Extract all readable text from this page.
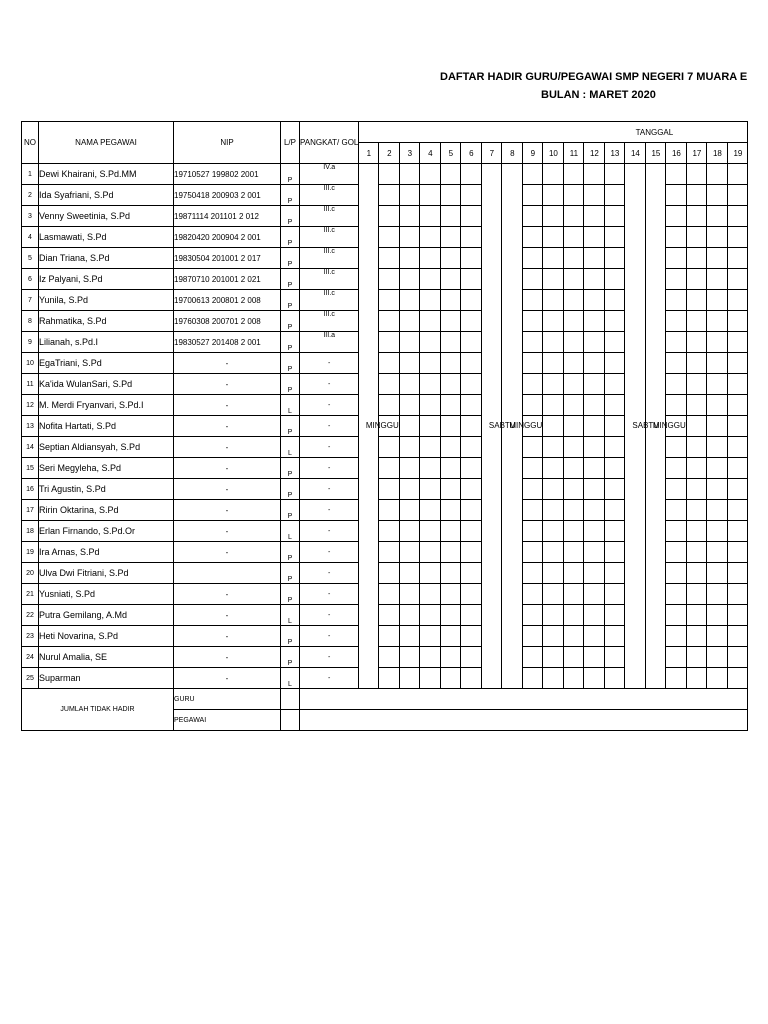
DAFTAR HADIR GURU/PEGAWAI SMP NEGERI 7 MUARA E
BULAN : MARET 2020
NO	NAMA PEGAWAI	NIP	L/P	PANGKAT/ GOL	TANGGAL																		
					1	2	3	4	5	6	7	8	9	10	11	12	13	14	15	16	17	18	19
1	Dewi Khairani, S.Pd.MM	19710527 199802 2001	P	IV.a	MINGGU						SABTU	MINGGU						SABTU	MINGGU				
2	Ida Syafriani, S.Pd	19750418 200903 2 001	P	III.c																			
3	Venny Sweetinia, S.Pd	19871114 201101 2 012	P	III.c																			
4	Lasmawati, S.Pd	19820420 200904 2 001	P	III.c																			
5	Dian Triana, S.Pd	19830504 201001 2 017	P	III.c																			
6	Iz Palyani, S.Pd	19870710 201001 2 021	P	III.c																			
7	Yunila, S.Pd	19700613 200801 2 008	P	III.c																			
8	Rahmatika, S.Pd	19760308 200701 2 008	P	III.c																			
9	Lilianah, s.Pd.I	19830527 201408 2 001	P	III.a																			
10	EgaTriani, S.Pd	-	P	-																			
11	Ka'ida WulanSari, S.Pd	-	P	-																			
12	M. Merdi Fryanvari, S.Pd.I	-	L	-																			
13	Nofita Hartati, S.Pd	-	P	-																			
14	Septian Aldiansyah, S.Pd	-	L	-																			
15	Seri Megyleha, S.Pd	-	P	-																			
16	Tri Agustin, S.Pd	-	P	-																			
17	Ririn Oktarina, S.Pd	-	P	-																			
18	Erlan Firnando, S.Pd.Or	-	L	-																			
19	Ira Arnas, S.Pd	-	P	-																			
20	Ulva Dwi Fitriani, S.Pd		P	-																			
21	Yusniati, S.Pd	-	P	-																			
22	Putra Gemilang, A.Md	-	L	-																			
23	Heti Novarina, S.Pd	-	P	-																			
24	Nurul Amalia, SE	-	P	-																			
25	Suparman	-	L	-																			
JUMLAH TIDAK HADIR		GURU																					
		PEGAWAI																					
